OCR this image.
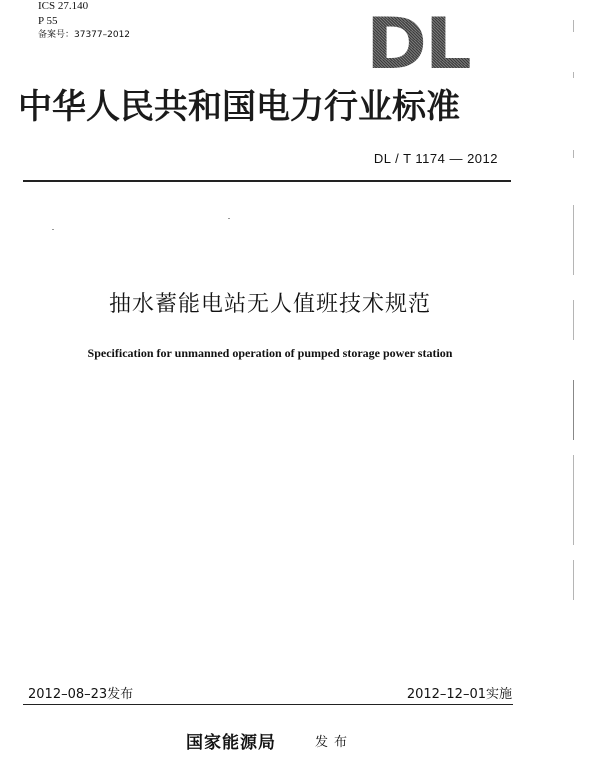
ICS 27.140
P 55
备案号：37377–2012	DL
中华人民共和国电力行业标准
DL / T 1174 — 2012
抽水蓄能电站无人值班技术规范
Specification for unmanned operation of pumped storage power station
2012–08–23发布	2012–12–01实施
国家能源局	发布
